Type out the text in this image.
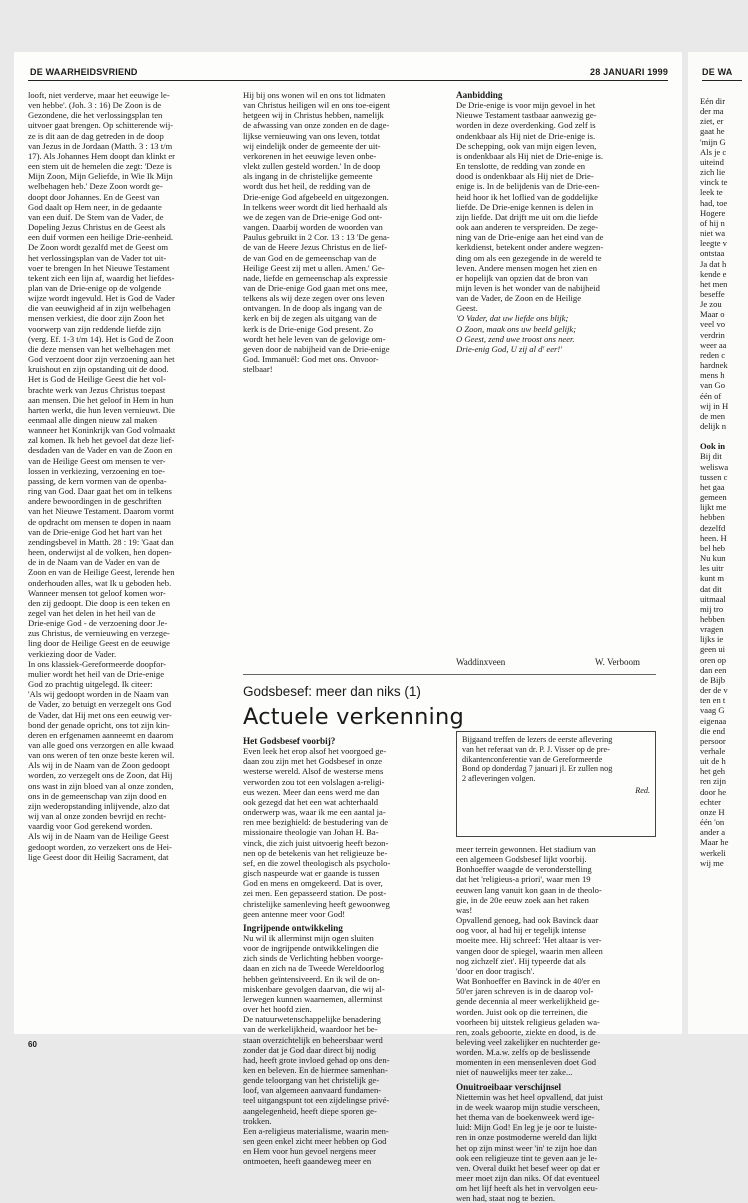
DE WAARHEIDSVRIEND	28 JANUARI 1999	DE WA
looft, niet verderve, maar het eeuwige le-
ven hebbe'. (Joh. 3 : 16) De Zoon is de
Gezondene, die het verlossingsplan ten
uitvoer gaat brengen. Op schitterende wij-
ze is dit aan de dag getreden in de doop
van Jezus in de Jordaan (Matth. 3 : 13 t/m
17). Als Johannes Hem doopt dan klinkt er
een stem uit de hemelen die zegt: 'Deze is
Mijn Zoon, Mijn Geliefde, in Wie Ik Mijn
welbehagen heb.' Deze Zoon wordt ge-
doopt door Johannes. En de Geest van
God daalt op Hem neer, in de gedaante
van een duif. De Stem van de Vader, de
Dopeling Jezus Christus en de Geest als
een duif vormen een heilige Drie-eenheid.
De Zoon wordt gezalfd met de Geest om
het verlossingsplan van de Vader tot uit-
voer te brengen In het Nieuwe Testament
tekent zich een lijn af, waardig het liefdes-
plan van de Drie-enige op de volgende
wijze wordt ingevuld. Het is God de Vader
die van eeuwigheid af in zijn welbehagen
mensen verkiest, die door zijn Zoon het
voorwerp van zijn reddende liefde zijn
(verg. Ef. 1-3 t/m 14). Het is God de Zoon
die deze mensen van het welbehagen met
God verzoent door zijn verzoening aan het
kruishout en zijn opstanding uit de dood.
Het is God de Heilige Geest die het vol-
brachte werk van Jezus Christus toepast
aan mensen. Die het geloof in Hem in hun
harten werkt, die hun leven vernieuwt. Die
eenmaal alle dingen nieuw zal maken
wanneer het Koninkrijk van God volmaakt
zal komen. Ik heb het gevoel dat deze lief-
desdaden van de Vader en van de Zoon en
van de Heilige Geest om mensen te ver-
lossen in verkiezing, verzoening en toe-
passing, de kern vormen van de openba-
ring van God. Daar gaat het om in telkens
andere bewoordingen in de geschriften
van het Nieuwe Testament. Daarom vormt
de opdracht om mensen te dopen in naam
van de Drie-enige God het hart van het
zendingsbevel in Matth. 28 : 19: 'Gaat dan
heen, onderwijst al de volken, hen dopen-
de in de Naam van de Vader en van de
Zoon en van de Heilige Geest, lerende hen
onderhouden alles, wat Ik u geboden heb.
Wanneer mensen tot geloof komen wor-
den zij gedoopt. Die doop is een teken en
zegel van het delen in het heil van de
Drie-enige God - de verzoening door Je-
zus Christus, de vernieuwing en verzege-
ling door de Heilige Geest en de eeuwige
verkiezing door de Vader.
In ons klassiek-Gereformeerde doopfor-
mulier wordt het heil van de Drie-enige
God zo prachtig uitgelegd. Ik citeer:
'Als wij gedoopt worden in de Naam van
de Vader, zo betuigt en verzegelt ons God
de Vader, dat Hij met ons een eeuwig ver-
bond der genade opricht, ons tot zijn kin-
deren en erfgenamen aanneemt en daarom
van alle goed ons verzorgen en alle kwaad
van ons weren of ten onze beste keren wil.
Als wij in de Naam van de Zoon gedoopt
worden, zo verzegelt ons de Zoon, dat Hij
ons wast in zijn bloed van al onze zonden,
ons in de gemeenschap van zijn dood en
zijn wederopstanding inlijvende, alzo dat
wij van al onze zonden bevrijd en recht-
vaardig voor God gerekend worden.
Als wij in de Naam van de Heilige Geest
gedoopt worden, zo verzekert ons de Hei-
lige Geest door dit Heilig Sacrament, dat
Hij bij ons wonen wil en ons tot lidmaten
van Christus heiligen wil en ons toe-eigent
hetgeen wij in Christus hebben, namelijk
de afwassing van onze zonden en de dage-
lijkse vernieuwing van ons leven, totdat
wij eindelijk onder de gemeente der uit-
verkorenen in het eeuwige leven onbe-
vlekt zullen gesteld worden.' In de doop
als ingang in de christelijke gemeente
wordt dus het heil, de redding van de
Drie-enige God afgebeeld en uitgezongen.
In telkens weer wordt dit lied herhaald als
we de zegen van de Drie-enige God ont-
vangen. Daarbij worden de woorden van
Paulus gebruikt in 2 Cor. 13 : 13 'De gena-
de van de Heere Jezus Christus en de lief-
de van God en de gemeenschap van de
Heilige Geest zij met u allen. Amen.' Ge-
nade, liefde en gemeenschap als expressie
van de Drie-enige God gaan met ons mee,
telkens als wij deze zegen over ons leven
ontvangen. In de doop als ingang van de
kerk en bij de zegen als uitgang van de
kerk is de Drie-enige God present. Zo
wordt het hele leven van de gelovige om-
geven door de nabijheid van de Drie-enige
God. Immanuël: God met ons. Onvoor-
stelbaar!
Aanbidding
De Drie-enige is voor mijn gevoel in het
Nieuwe Testament tastbaar aanwezig ge-
worden in deze overdenking. God zelf is
ondenkbaar als Hij niet de Drie-enige is.
De schepping, ook van mijn eigen leven,
is ondenkbaar als Hij niet de Drie-enige is.
En tenslotte, de redding van zonde en
dood is ondenkbaar als Hij niet de Drie-
enige is. In de belijdenis van de Drie-een-
heid hoor ik het loflied van de goddelijke
liefde. De Drie-enige kennen is delen in
zijn liefde. Dat drijft me uit om die liefde
ook aan anderen te verspreiden. De zege-
ning van de Drie-enige aan het eind van de
kerkdienst, betekent onder andere wegzen-
ding om als een gezegende in de wereld te
leven. Andere mensen mogen het zien en
er hopelijk van opzien dat de bron van
mijn leven is het wonder van de nabijheid
van de Vader, de Zoon en de Heilige
Geest.
'O Vader, dat uw liefde ons blijk;
O Zoon, maak ons uw beeld gelijk;
O Geest, zend uwe troost ons neer.
Drie-enig God, U zij al d' eer!'
Waddinxveen	W. Verboom
Godsbesef: meer dan niks (1)
Actuele verkenning
Bijgaand treffen de lezers de eerste aflevering
van het referaat van dr. P. J. Visser op de pre-
dikantenconferentie van de Gereformeerde
Bond op donderdag 7 januari jl. Er zullen nog
2 afleveringen volgen.
Red.
Het Godsbesef voorbij?
Even leek het erop alsof het voorgoed ge-
daan zou zijn met het Godsbesef in onze
westerse wereld. Alsof de westerse mens
verworden zou tot een volslagen a-religi-
eus wezen. Meer dan eens werd me dan
ook gezegd dat het een wat achterhaald
onderwerp was, waar ik me een aantal ja-
ren mee bezighield: de bestudering van de
missionaire theologie van Johan H. Ba-
vinck, die zich juist uitvoerig heeft bezon-
nen op de betekenis van het religieuze be-
sef, en die zowel theologisch als psycholo-
gisch naspeurde wat er gaande is tussen
God en mens en omgekeerd. Dat is over,
zei men. Een gepasseerd station. De post-
christelijke samenleving heeft gewoonweg
geen antenne meer voor God!
Ingrijpende ontwikkeling
Nu wil ik allerminst mijn ogen sluiten
voor de ingrijpende ontwikkelingen die
zich sinds de Verlichting hebben voorge-
daan en zich na de Tweede Wereldoorlog
hebben geïntensiveerd. En ik wil de on-
miskenbare gevolgen daarvan, die wij al-
lerwegen kunnen waarnemen, allerminst
over het hoofd zien.
De natuurwetenschappelijke benadering
van de werkelijkheid, waardoor het be-
staan overzichtelijk en beheersbaar werd
zonder dat je God daar direct bij nodig
had, heeft grote invloed gehad op ons den-
ken en beleven. En de hiermee samenhan-
gende teloorgang van het christelijk ge-
loof, van algemeen aanvaard fundamen-
teel uitgangspunt tot een zijdelingse privé-
aangelegenheid, heeft diepe sporen ge-
trokken.
Een a-religieus materialisme, waarin men-
sen geen enkel zicht meer hebben op God
en Hem voor hun gevoel nergens meer
ontmoeten, heeft gaandeweg meer en
meer terrein gewonnen. Het stadium van
een algemeen Godsbesef lijkt voorbij.
Bonhoeffer waagde de veronderstelling
dat het 'religieus-a priori', waar men 19
eeuwen lang vanuit kon gaan in de theolo-
gie, in de 20e eeuw zoek aan het raken
was!
Opvallend genoeg, had ook Bavinck daar
oog voor, al had hij er tegelijk intense
moeite mee. Hij schreef: 'Het altaar is ver-
vangen door de spiegel, waarin men alleen
nog zichzelf ziet'. Hij typeerde dat als
'door en door tragisch'.
Wat Bonhoeffer en Bavinck in de 40'er en
50'er jaren schreven is in de daarop vol-
gende decennia al meer werkelijkheid ge-
worden. Juist ook op die terreinen, die
voorheen bij uitstek religieus geladen wa-
ren, zoals geboorte, ziekte en dood, is de
beleving veel zakelijker en nuchterder ge-
worden. M.a.w. zelfs op de beslissende
momenten in een mensenleven doet God
niet of nauwelijks meer ter zake...
Onuitroeibaar verschijnsel
Niettemin was het heel opvallend, dat juist
in de week waarop mijn studie verscheen,
het thema van de boekenweek werd ige-
luid: Mijn God! En leg je je oor te luiste-
ren in onze postmoderne wereld dan lijkt
het op zijn minst weer 'in' te zijn hoe dan
ook een religieuze tint te geven aan je le-
ven. Overal duikt het besef weer op dat er
meer moet zijn dan niks. Of dat eventueel
om het lijf heeft als het in vervolgen eeu-
wen had, staat nog te bezien.
60
Eén dir
der ma
ziet, er
gaat he
'mijn G
Als je c
uiteind
zich lie
vinck te
leek te
had, toe
Hogere
of hij n
niet wa
leegte v
ontstaa
Ja dat h
kende e
het men
beseffe
Je zou
Maar o
veel vo
verdrin
weer aa
reden c
hardnek
mens h
van Go
één of
wij in H
de men
delijk n

Ook in
Bij dit
weliswa
tussen c
het gaa
gemeen
lijkt me
hebben
dezelfd
heen. H
bel heb
Nu kun
les uitr
kunt m
dat dit
uitmaal
mij tro
hebben
vragen
lijks ie
geen ui
oren op
dan een
de Bijb
der de v
ten en t
vaag G
eigenaa
die end
persoor
verhale
uit de h
het geh
ren zijn
door he
echter
onze H
één 'on
ander a
Maar he
werkeli
wij me
